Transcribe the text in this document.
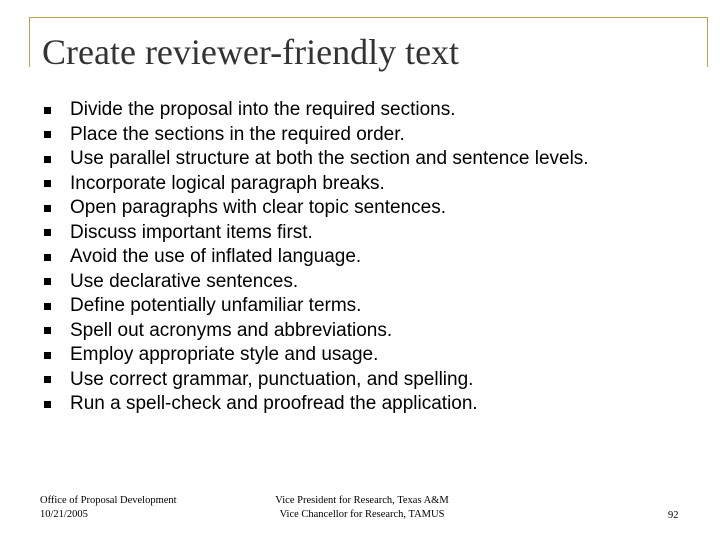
Create reviewer-friendly text
Divide the proposal into the required sections.
Place the sections in the required order.
Use parallel structure at both the section and sentence levels.
Incorporate logical paragraph breaks.
Open paragraphs with clear topic sentences.
Discuss important items first.
Avoid the use of inflated language.
Use declarative sentences.
Define potentially unfamiliar terms.
Spell out acronyms and abbreviations.
Employ appropriate style and usage.
Use correct grammar, punctuation, and spelling.
Run a spell-check and proofread the application.
Office of Proposal Development
10/21/2005
Vice President for Research, Texas A&M
Vice Chancellor for Research, TAMUS	92
